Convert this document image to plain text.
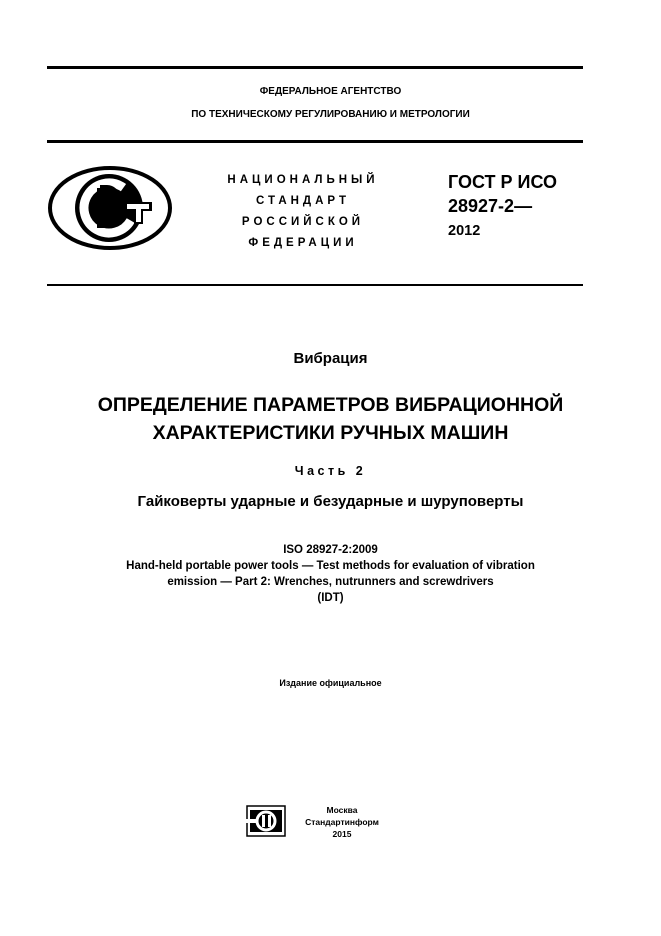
ФЕДЕРАЛЬНОЕ АГЕНТСТВО
ПО ТЕХНИЧЕСКОМУ РЕГУЛИРОВАНИЮ И МЕТРОЛОГИИ
НАЦИОНАЛЬНЫЙ
СТАНДАРТ
РОССИЙСКОЙ
ФЕДЕРАЦИИ
ГОСТ Р ИСО
28927-2—
2012
Вибрация
ОПРЕДЕЛЕНИЕ ПАРАМЕТРОВ ВИБРАЦИОННОЙ
ХАРАКТЕРИСТИКИ РУЧНЫХ МАШИН
Часть 2
Гайковерты ударные и безударные и шуруповерты
ISO 28927-2:2009
Hand-held portable power tools — Test methods for evaluation of vibration
emission — Part 2: Wrenches, nutrunners and screwdrivers
(IDT)
Издание официальное
Москва
Стандартинформ
2015
